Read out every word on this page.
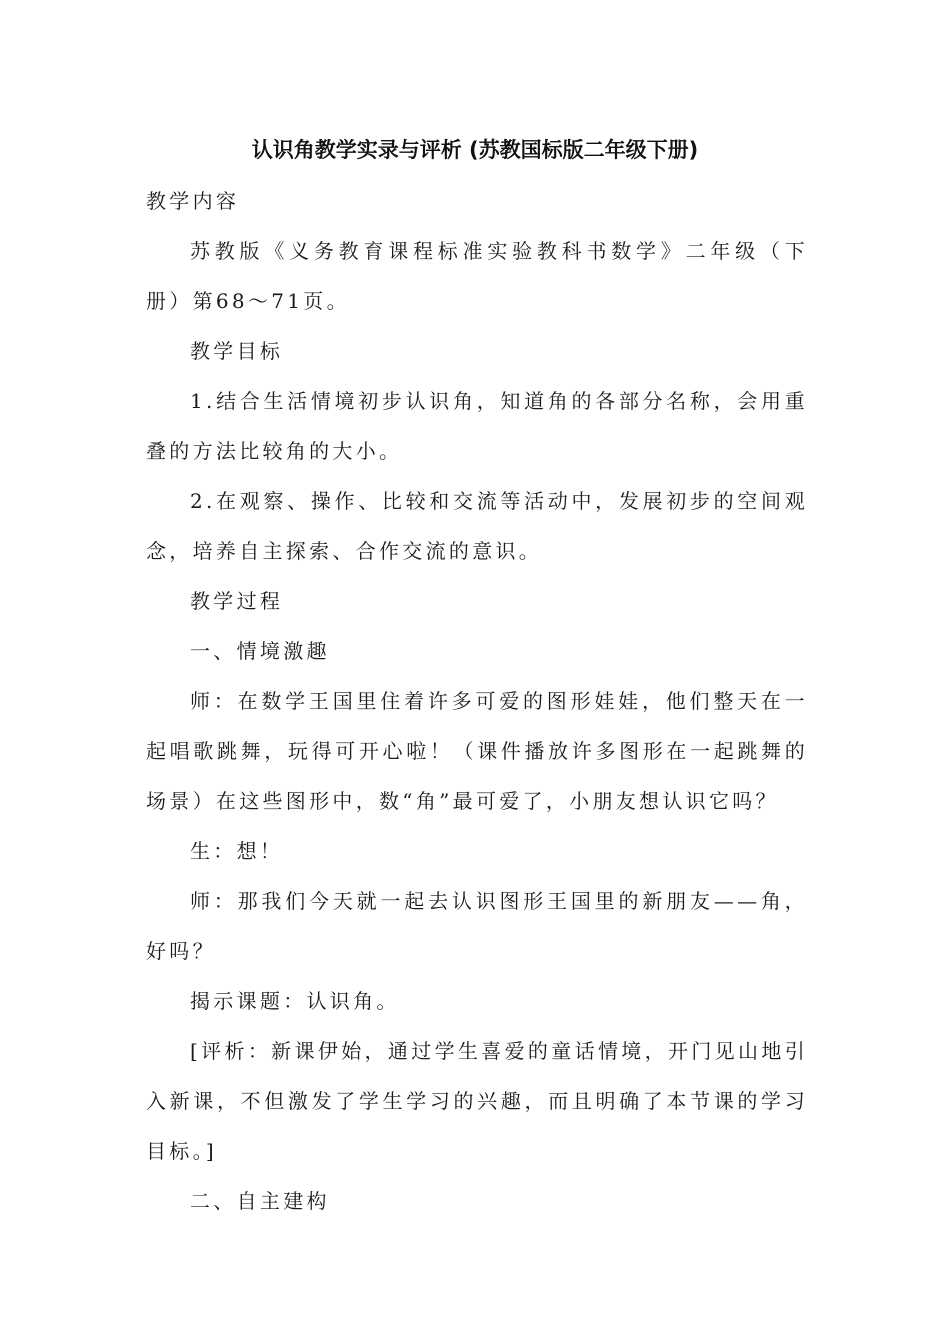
认识角教学实录与评析 (苏教国标版二年级下册)

教学内容

苏教版《义务教育课程标准实验教科书数学》二年级（下册）第68～71页。

教学目标

1.结合生活情境初步认识角，知道角的各部分名称，会用重叠的方法比较角的大小。

2.在观察、操作、比较和交流等活动中，发展初步的空间观念，培养自主探索、合作交流的意识。

教学过程

一、情境激趣

师：在数学王国里住着许多可爱的图形娃娃，他们整天在一起唱歌跳舞，玩得可开心啦！（课件播放许多图形在一起跳舞的场景）在这些图形中，数“角”最可爱了，小朋友想认识它吗？

生：想！

师：那我们今天就一起去认识图形王国里的新朋友——角，好吗？

揭示课题：认识角。

[评析：新课伊始，通过学生喜爱的童话情境，开门见山地引入新课，不但激发了学生学习的兴趣，而且明确了本节课的学习目标。]

二、自主建构
